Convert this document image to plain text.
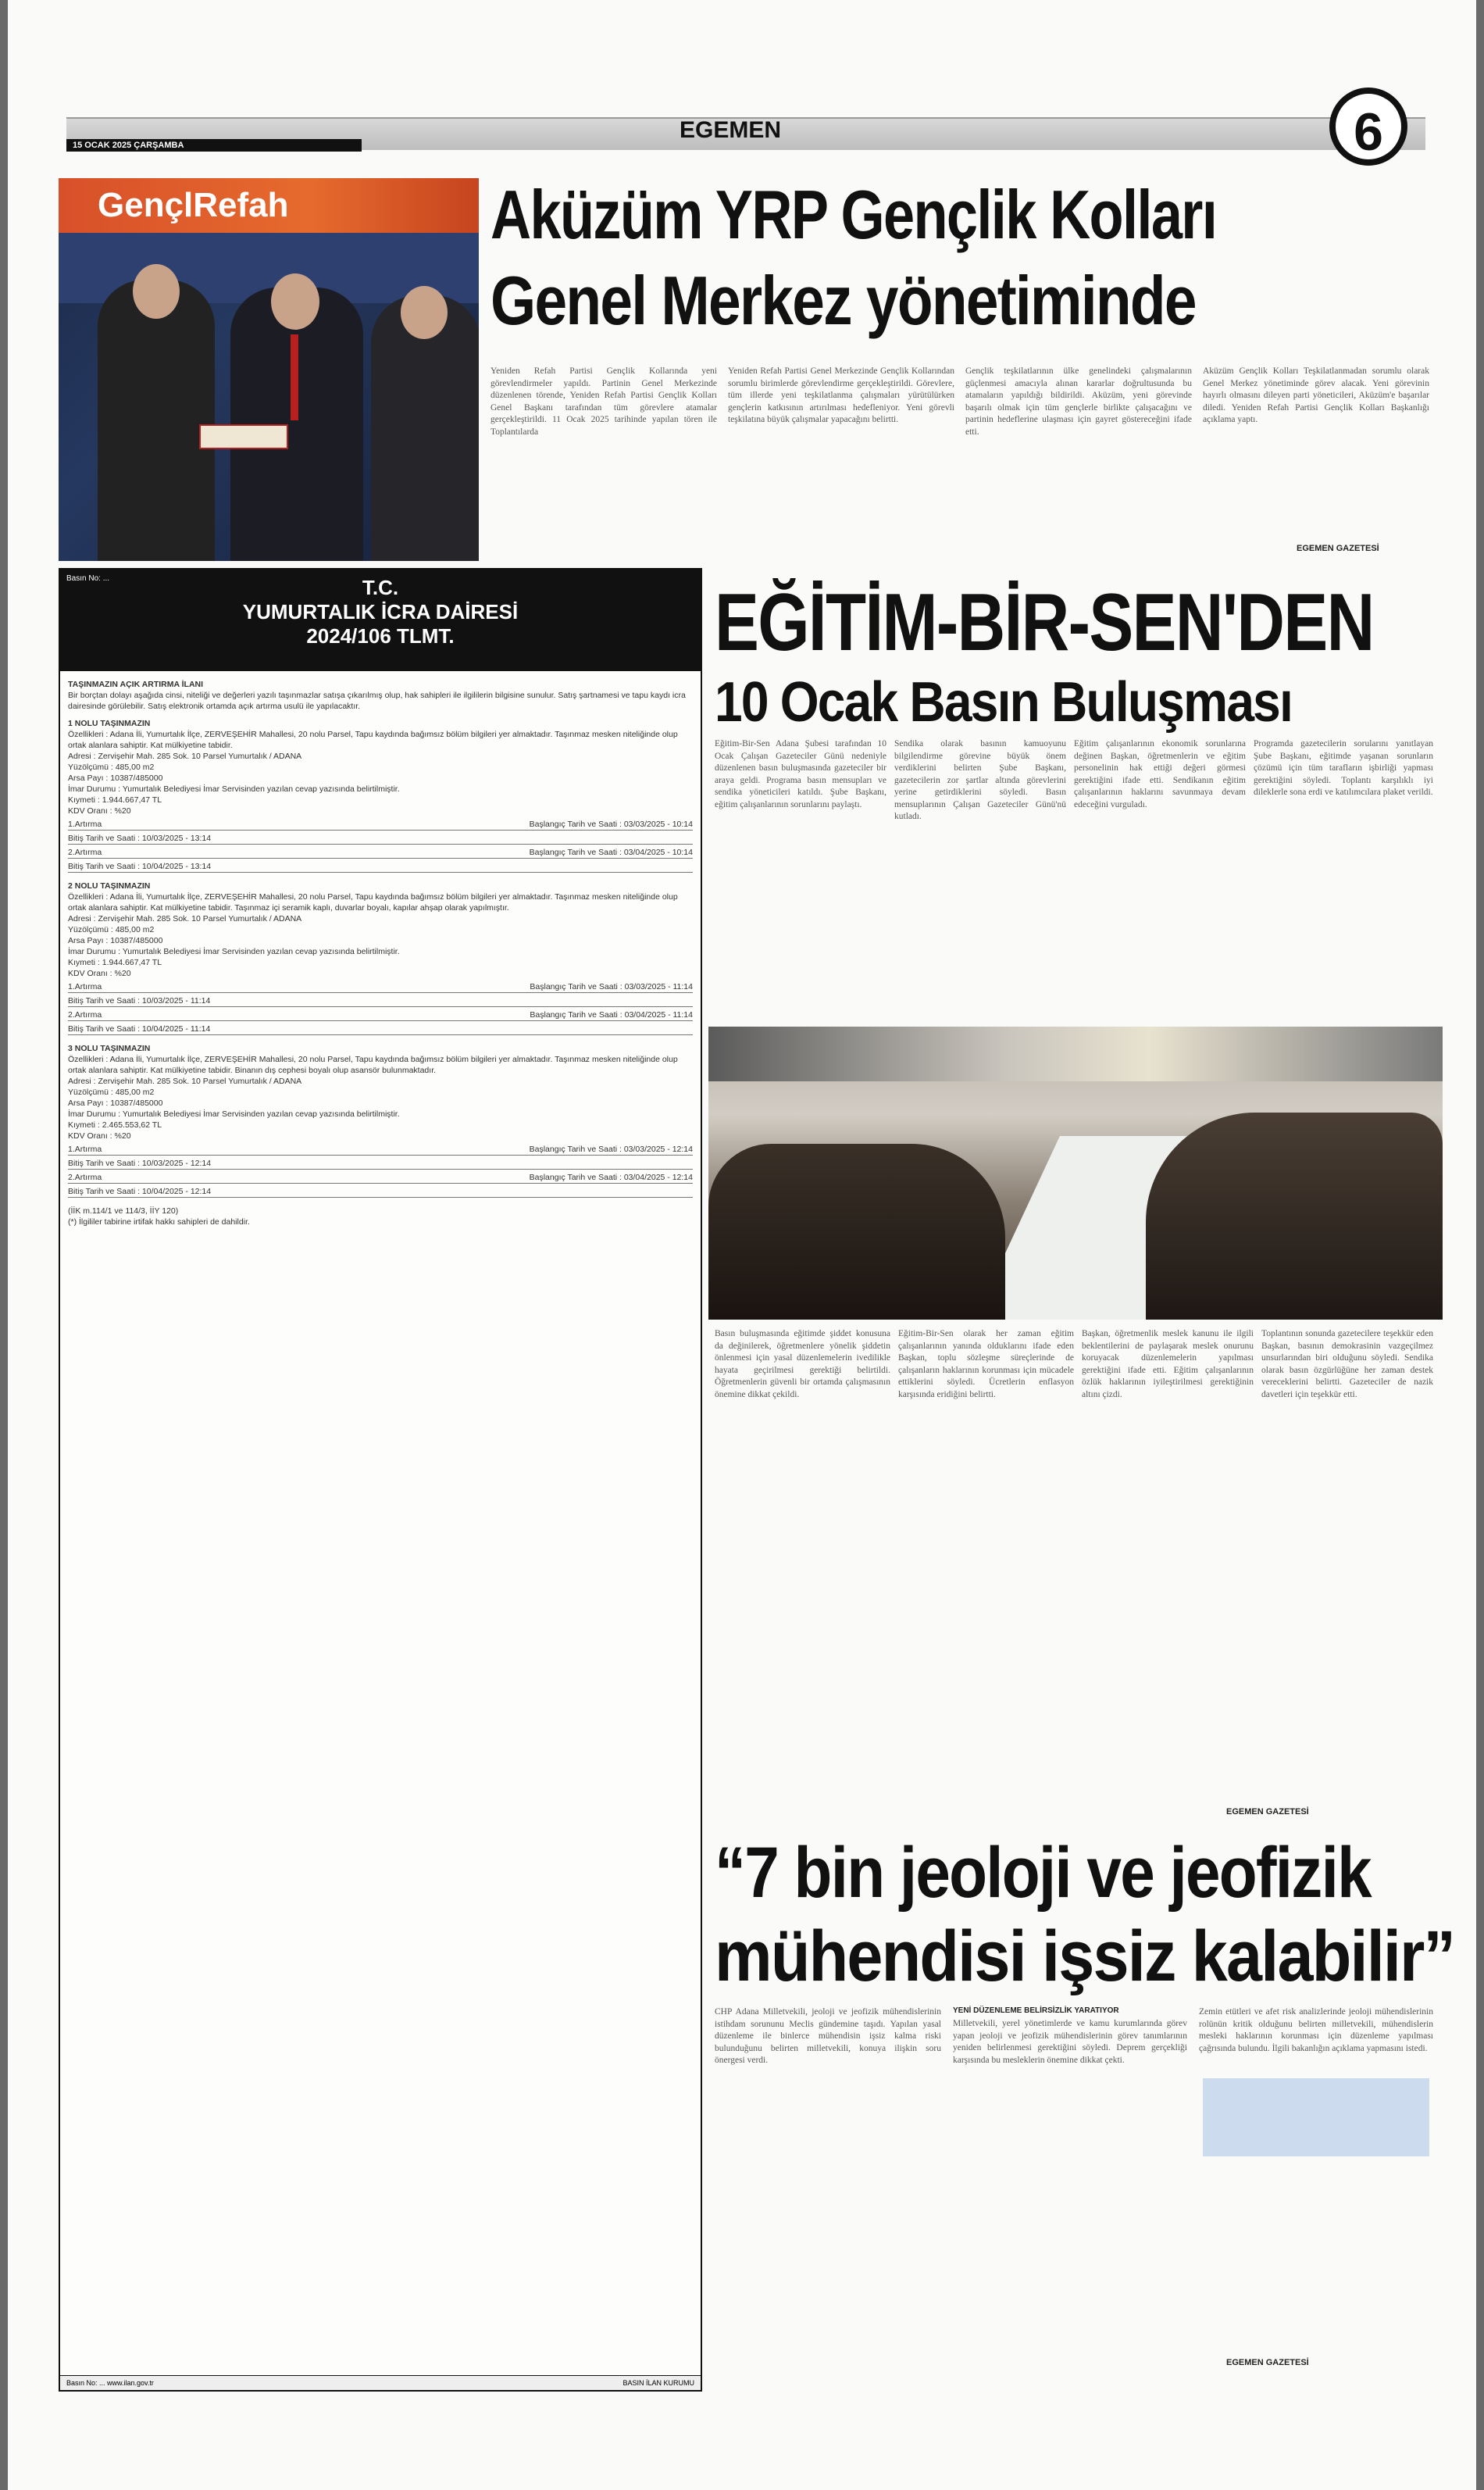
15 OCAK 2025 ÇARŞAMBA
EGEMEN	6
GençlRefah	Aküzüm YRP Gençlik Kolları
Genel Merkez yönetiminde
Yeniden Refah Partisi Gençlik Kollarında yeni görevlendirmeler yapıldı. Partinin Genel Merkezinde düzenlenen törende, Yeniden Refah Partisi Gençlik Kolları Genel Başkanı tarafından tüm görevlere atamalar gerçekleştirildi. 11 Ocak 2025 tarihinde yapılan tören ile Toplantılarda
Yeniden Refah Partisi Genel Merkezinde Gençlik Kollarından sorumlu birimlerde görevlendirme gerçekleştirildi. Görevlere, tüm illerde yeni teşkilatlanma çalışmaları yürütülürken gençlerin katkısının artırılması hedefleniyor. Yeni görevli teşkilatına büyük çalışmalar yapacağını belirtti.
Gençlik teşkilatlarının ülke genelindeki çalışmalarının güçlenmesi amacıyla alınan kararlar doğrultusunda bu atamaların yapıldığı bildirildi. Aküzüm, yeni görevinde başarılı olmak için tüm gençlerle birlikte çalışacağını ve partinin hedeflerine ulaşması için gayret göstereceğini ifade etti.
Aküzüm Gençlik Kolları Teşkilatlanmadan sorumlu olarak Genel Merkez yönetiminde görev alacak. Yeni görevinin hayırlı olmasını dileyen parti yöneticileri, Aküzüm'e başarılar diledi. Yeniden Refah Partisi Gençlik Kolları Başkanlığı açıklama yaptı.
EGEMEN GAZETESİ
Basın No: ...	T.C.
YUMURTALIK İCRA DAİRESİ
2024/106 TLMT.
TAŞINMAZIN AÇIK ARTIRMA İLANI
Bir borçtan dolayı aşağıda cinsi, niteliği ve değerleri yazılı taşınmazlar satışa çıkarılmış olup, hak sahipleri ile ilgililerin bilgisine sunulur. Satış şartnamesi ve tapu kaydı icra dairesinde görülebilir. Satış elektronik ortamda açık artırma usulü ile yapılacaktır.
1 NOLU TAŞINMAZIN
Özellikleri : Adana İli, Yumurtalık İlçe, ZERVEŞEHİR Mahallesi, 20 nolu Parsel, Tapu kaydında bağımsız bölüm bilgileri yer almaktadır. Taşınmaz mesken niteliğinde olup ortak alanlara sahiptir. Kat mülkiyetine tabidir.
Adresi : Zervişehir Mah. 285 Sok. 10 Parsel Yumurtalık / ADANA
Yüzölçümü : 485,00 m2
Arsa Payı : 10387/485000
İmar Durumu : Yumurtalık Belediyesi İmar Servisinden yazılan cevap yazısında belirtilmiştir.
Kıymeti : 1.944.667,47 TL
KDV Oranı : %20
1.Artırma	Başlangıç Tarih ve Saati : 03/03/2025 - 10:14
Bitiş Tarih ve Saati : 10/03/2025 - 13:14
2.Artırma	Başlangıç Tarih ve Saati : 03/04/2025 - 10:14
Bitiş Tarih ve Saati : 10/04/2025 - 13:14
2 NOLU TAŞINMAZIN
Özellikleri : Adana İli, Yumurtalık İlçe, ZERVEŞEHİR Mahallesi, 20 nolu Parsel, Tapu kaydında bağımsız bölüm bilgileri yer almaktadır. Taşınmaz mesken niteliğinde olup ortak alanlara sahiptir. Kat mülkiyetine tabidir. Taşınmaz içi seramik kaplı, duvarlar boyalı, kapılar ahşap olarak yapılmıştır.
Adresi : Zervişehir Mah. 285 Sok. 10 Parsel Yumurtalık / ADANA
Yüzölçümü : 485,00 m2
Arsa Payı : 10387/485000
İmar Durumu : Yumurtalık Belediyesi İmar Servisinden yazılan cevap yazısında belirtilmiştir.
Kıymeti : 1.944.667,47 TL
KDV Oranı : %20
1.Artırma	Başlangıç Tarih ve Saati : 03/03/2025 - 11:14
Bitiş Tarih ve Saati : 10/03/2025 - 11:14
2.Artırma	Başlangıç Tarih ve Saati : 03/04/2025 - 11:14
Bitiş Tarih ve Saati : 10/04/2025 - 11:14
3 NOLU TAŞINMAZIN
Özellikleri : Adana İli, Yumurtalık İlçe, ZERVEŞEHİR Mahallesi, 20 nolu Parsel, Tapu kaydında bağımsız bölüm bilgileri yer almaktadır. Taşınmaz mesken niteliğinde olup ortak alanlara sahiptir. Kat mülkiyetine tabidir. Binanın dış cephesi boyalı olup asansör bulunmaktadır.
Adresi : Zervişehir Mah. 285 Sok. 10 Parsel Yumurtalık / ADANA
Yüzölçümü : 485,00 m2
Arsa Payı : 10387/485000
İmar Durumu : Yumurtalık Belediyesi İmar Servisinden yazılan cevap yazısında belirtilmiştir.
Kıymeti : 2.465.553,62 TL
KDV Oranı : %20
1.Artırma	Başlangıç Tarih ve Saati : 03/03/2025 - 12:14
Bitiş Tarih ve Saati : 10/03/2025 - 12:14
2.Artırma	Başlangıç Tarih ve Saati : 03/04/2025 - 12:14
Bitiş Tarih ve Saati : 10/04/2025 - 12:14
(İİK m.114/1 ve 114/3, İİY 120)
(*) İlgililer tabirine irtifak hakkı sahipleri de dahildir.
Basın No: ... www.ilan.gov.tr	BASIN İLAN KURUMU
EĞİTİM-BİR-SEN'DEN
10 Ocak Basın Buluşması
Eğitim-Bir-Sen Adana Şubesi tarafından 10 Ocak Çalışan Gazeteciler Günü nedeniyle düzenlenen basın buluşmasında gazeteciler bir araya geldi. Programa basın mensupları ve sendika yöneticileri katıldı. Şube Başkanı, eğitim çalışanlarının sorunlarını paylaştı.
Sendika olarak basının kamuoyunu bilgilendirme görevine büyük önem verdiklerini belirten Şube Başkanı, gazetecilerin zor şartlar altında görevlerini yerine getirdiklerini söyledi. Basın mensuplarının Çalışan Gazeteciler Günü'nü kutladı.
Eğitim çalışanlarının ekonomik sorunlarına değinen Başkan, öğretmenlerin ve eğitim personelinin hak ettiği değeri görmesi gerektiğini ifade etti. Sendikanın eğitim çalışanlarının haklarını savunmaya devam edeceğini vurguladı.
Programda gazetecilerin sorularını yanıtlayan Şube Başkanı, eğitimde yaşanan sorunların çözümü için tüm tarafların işbirliği yapması gerektiğini söyledi. Toplantı karşılıklı iyi dileklerle sona erdi ve katılımcılara plaket verildi.
Basın buluşmasında eğitimde şiddet konusuna da değinilerek, öğretmenlere yönelik şiddetin önlenmesi için yasal düzenlemelerin ivedilikle hayata geçirilmesi gerektiği belirtildi. Öğretmenlerin güvenli bir ortamda çalışmasının önemine dikkat çekildi.
Eğitim-Bir-Sen olarak her zaman eğitim çalışanlarının yanında olduklarını ifade eden Başkan, toplu sözleşme süreçlerinde de çalışanların haklarının korunması için mücadele ettiklerini söyledi. Ücretlerin enflasyon karşısında eridiğini belirtti.
Başkan, öğretmenlik meslek kanunu ile ilgili beklentilerini de paylaşarak meslek onurunu koruyacak düzenlemelerin yapılması gerektiğini ifade etti. Eğitim çalışanlarının özlük haklarının iyileştirilmesi gerektiğinin altını çizdi.
Toplantının sonunda gazetecilere teşekkür eden Başkan, basının demokrasinin vazgeçilmez unsurlarından biri olduğunu söyledi. Sendika olarak basın özgürlüğüne her zaman destek vereceklerini belirtti. Gazeteciler de nazik davetleri için teşekkür etti.
EGEMEN GAZETESİ
“7 bin jeoloji ve jeofizik
mühendisi işsiz kalabilir”
CHP Adana Milletvekili, jeoloji ve jeofizik mühendislerinin istihdam sorununu Meclis gündemine taşıdı. Yapılan yasal düzenleme ile binlerce mühendisin işsiz kalma riski bulunduğunu belirten milletvekili, konuya ilişkin soru önergesi verdi.
YENİ DÜZENLEME BELİRSİZLİK YARATIYOR
Milletvekili, yerel yönetimlerde ve kamu kurumlarında görev yapan jeoloji ve jeofizik mühendislerinin görev tanımlarının yeniden belirlenmesi gerektiğini söyledi. Deprem gerçekliği karşısında bu mesleklerin önemine dikkat çekti.
Zemin etütleri ve afet risk analizlerinde jeoloji mühendislerinin rolünün kritik olduğunu belirten milletvekili, mühendislerin mesleki haklarının korunması için düzenleme yapılması çağrısında bulundu. İlgili bakanlığın açıklama yapmasını istedi.
EGEMEN GAZETESİ
